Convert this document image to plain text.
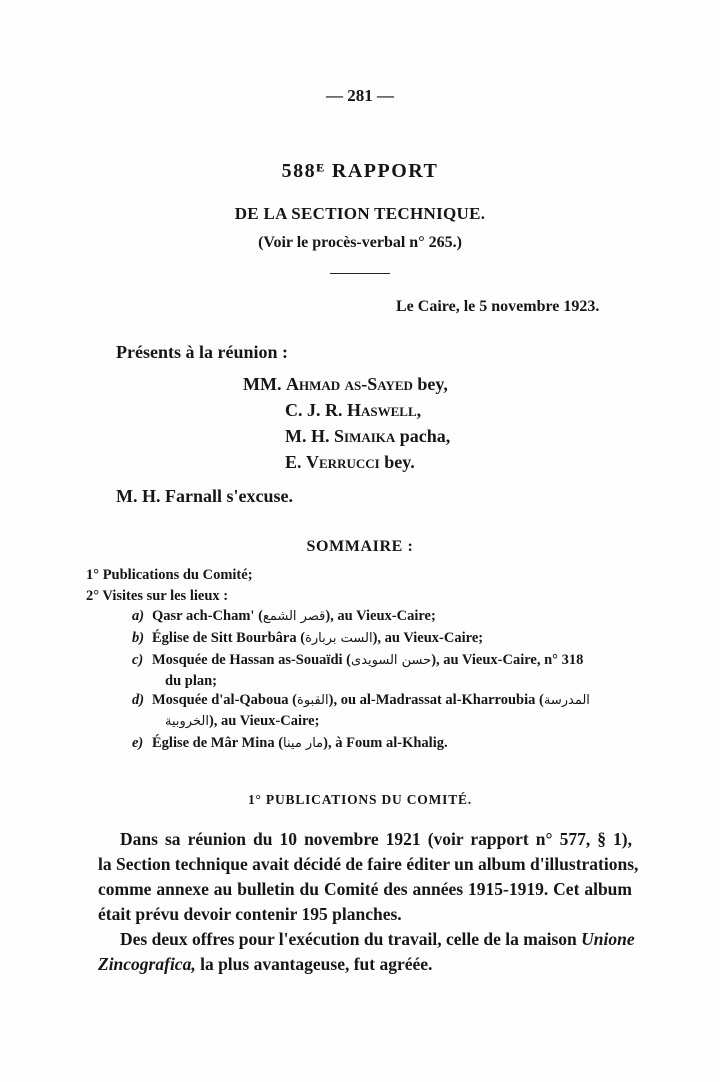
— 281 —
588ᴱ RAPPORT
DE LA SECTION TECHNIQUE.
(Voir le procès-verbal n° 265.)
Le Caire, le 5 novembre 1923.
Présents à la réunion :
MM. Ahmad as-Sayed bey,
C. J. R. Haswell,
M. H. Simaika pacha,
E. Verrucci bey.
M. H. Farnall s'excuse.
SOMMAIRE :
1° Publications du Comité;
2° Visites sur les lieux :
a) Qasr ach-Cham' (قصر الشمع), au Vieux-Caire;
b) Église de Sitt Bourbâra (الست بربارة), au Vieux-Caire;
c) Mosquée de Hassan as-Souaïdi (حسن السويدى), au Vieux-Caire, n° 318
du plan;
d) Mosquée d'al-Qaboua (القبوة), ou al-Madrassat al-Kharroubia (المدرسة
الخروبية), au Vieux-Caire;
e) Église de Mâr Mina (مار مينا), à Foum al-Khalig.
1° PUBLICATIONS DU COMITÉ.
Dans sa réunion du 10 novembre 1921 (voir rapport n° 577, § 1),
la Section technique avait décidé de faire éditer un album d'illustrations,
comme annexe au bulletin du Comité des années 1915-1919. Cet album
était prévu devoir contenir 195 planches.
Des deux offres pour l'exécution du travail, celle de la maison Unione
Zincografica, la plus avantageuse, fut agréée.
